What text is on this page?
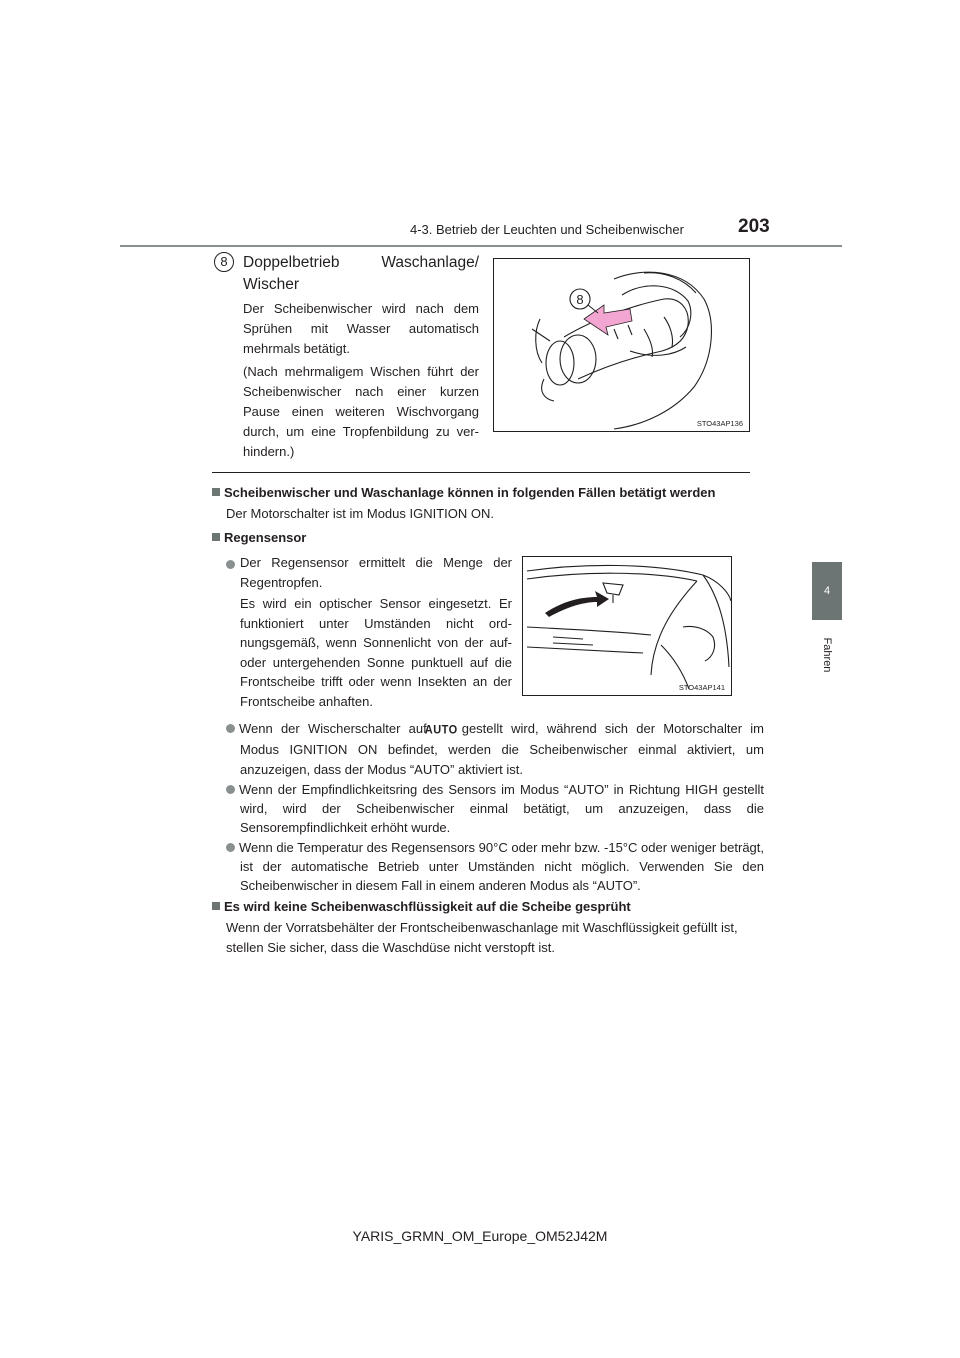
4-3. Betrieb der Leuchten und Scheibenwischer	203
4
Fahren
8 Doppelbetrieb Waschanlage/
Wischer
Der Scheibenwischer wird nach dem Sprühen mit Wasser automatisch mehrmals betätigt.
(Nach mehrmaligem Wischen führt der Scheibenwischer nach einer kurzen Pause einen weiteren Wischvorgang durch, um eine Tropfenbildung zu verhindern.)
8
STO43AP136
Scheibenwischer und Waschanlage können in folgenden Fällen betätigt werden
Der Motorschalter ist im Modus IGNITION ON.
Regensensor
Der Regensensor ermittelt die Menge der Regentropfen.
Es wird ein optischer Sensor eingesetzt. Er funktioniert unter Umständen nicht ordnungsgemäß, wenn Sonnenlicht von der auf- oder untergehenden Sonne punktuell auf die Frontscheibe trifft oder wenn Insekten an der Frontscheibe anhaften.
STO43AP141
Wenn der Wischerschalter aufAUTO gestellt wird, während sich der Motorschalter im Modus IGNITION ON befindet, werden die Scheibenwischer einmal aktiviert, um anzuzeigen, dass der Modus “AUTO” aktiviert ist.
Wenn der Empfindlichkeitsring des Sensors im Modus “AUTO” in Richtung HIGH gestellt wird, wird der Scheibenwischer einmal betätigt, um anzuzeigen, dass die Sensorempfindlichkeit erhöht wurde.
Wenn die Temperatur des Regensensors 90°C oder mehr bzw. -15°C oder weniger beträgt, ist der automatische Betrieb unter Umständen nicht möglich. Verwenden Sie den Scheibenwischer in diesem Fall in einem anderen Modus als “AUTO”.
Es wird keine Scheibenwaschflüssigkeit auf die Scheibe gesprüht
Wenn der Vorratsbehälter der Frontscheibenwaschanlage mit Waschflüssigkeit gefüllt ist, stellen Sie sicher, dass die Waschdüse nicht verstopft ist.
YARIS_GRMN_OM_Europe_OM52J42M
